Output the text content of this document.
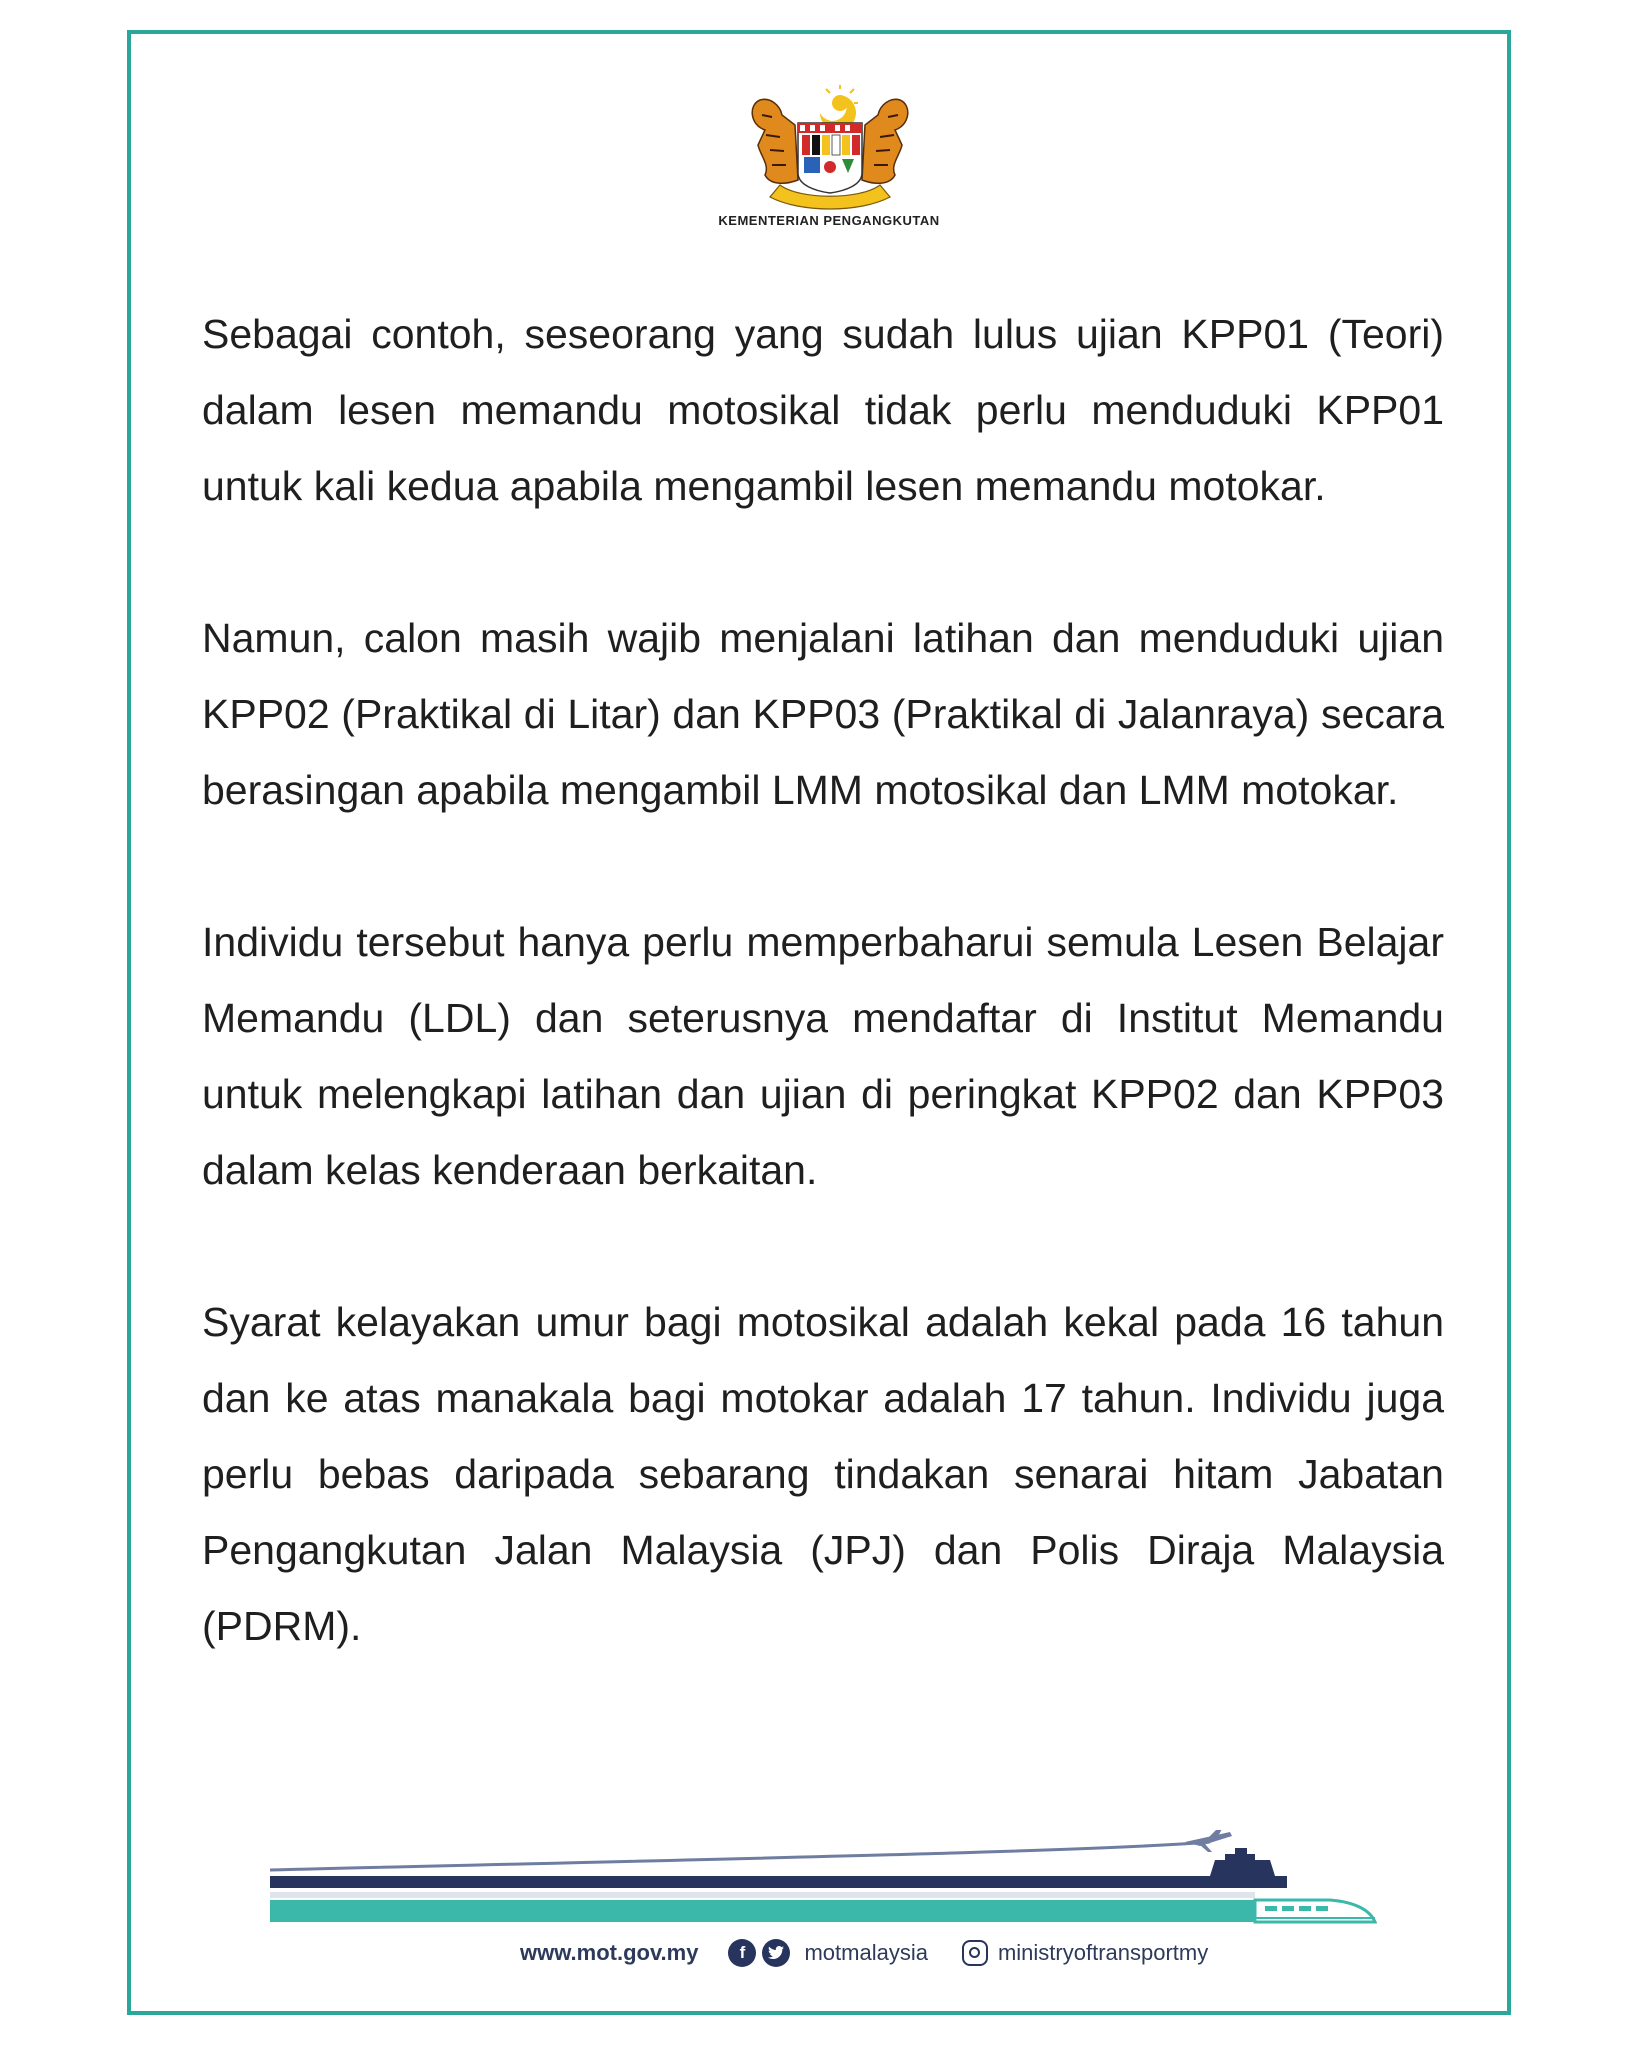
KEMENTERIAN PENGANGKUTAN

Sebagai contoh, seseorang yang sudah lulus ujian KPP01 (Teori) dalam lesen memandu motosikal tidak perlu menduduki KPP01 untuk kali kedua apabila mengambil lesen memandu motokar.

Namun, calon masih wajib menjalani latihan dan menduduki ujian KPP02 (Praktikal di Litar) dan KPP03 (Praktikal di Jalanraya) secara berasingan apabila mengambil LMM motosikal dan LMM motokar.

Individu tersebut hanya perlu memperbaharui semula Lesen Belajar Memandu (LDL) dan seterusnya mendaftar di Institut Memandu untuk melengkapi latihan dan ujian di peringkat KPP02 dan KPP03 dalam kelas kenderaan berkaitan.

Syarat kelayakan umur bagi motosikal adalah kekal pada 16 tahun dan ke atas manakala bagi motokar adalah 17 tahun. Individu juga perlu bebas daripada sebarang tindakan senarai hitam Jabatan Pengangkutan Jalan Malaysia (JPJ) dan Polis Diraja Malaysia (PDRM).

www.mot.gov.my	f	motmalaysia	ministryoftransportmy
